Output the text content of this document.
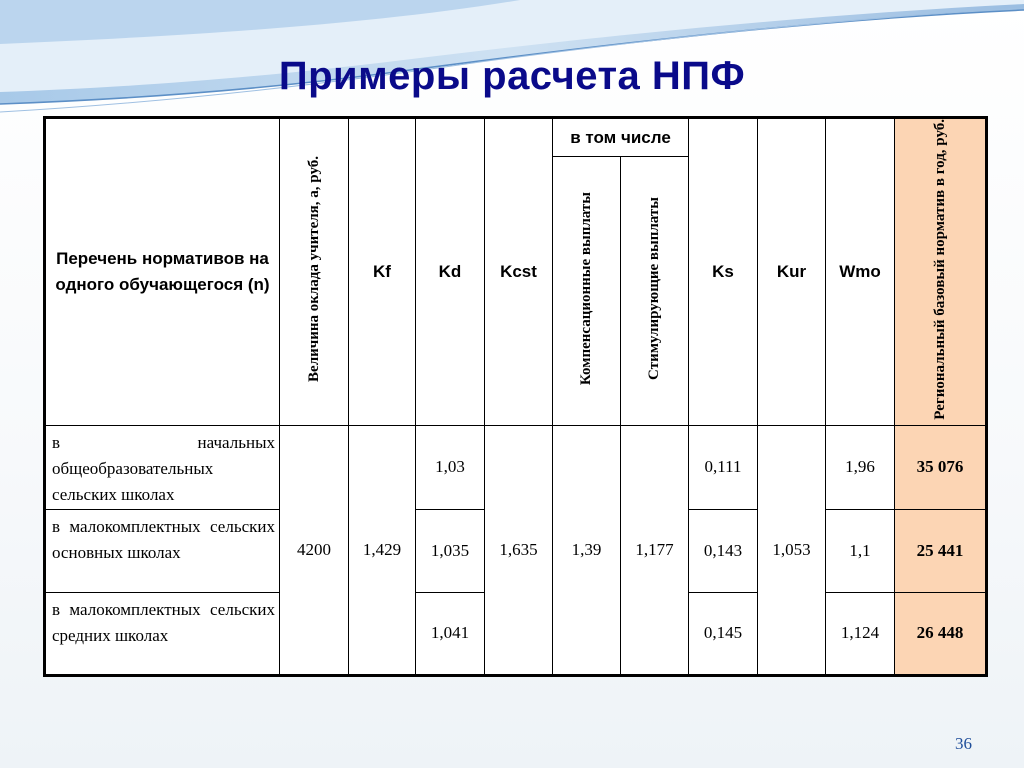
Примеры расчета НПФ
Перечень нормативов на одного обучающегося (n)	Величина оклада учителя, а, руб.	Kf	Kd	Kcst	в том числе		Ks	Kur	Wmo	Региональный базовый норматив в год, руб.
					Компенсационные выплаты	Стимулирующие выплаты				
в начальных общеобразовательных сельских школах	4200	1,429	1,03	1,635	1,39	1,177	0,111	1,053	1,96	35 076
в малокомплектных сельских основных школах			1,035				0,143		1,1	25 441
в малокомплектных сельских средних школах			1,041				0,145		1,124	26 448
36
